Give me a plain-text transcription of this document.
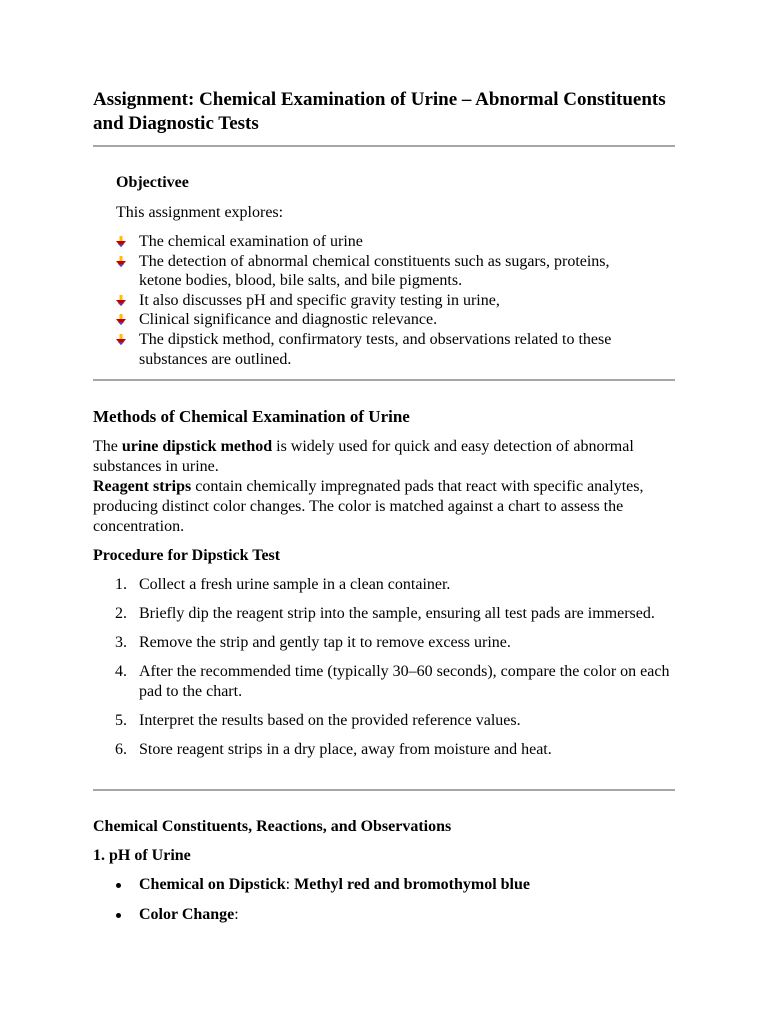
Assignment: Chemical Examination of Urine – Abnormal Constituents and Diagnostic Tests

Objectivee

This assignment explores:

The chemical examination of urine
The detection of abnormal chemical constituents such as sugars, proteins, ketone bodies, blood, bile salts, and bile pigments.
It also discusses pH and specific gravity testing in urine,
Clinical significance and diagnostic relevance.
The dipstick method, confirmatory tests, and observations related to these substances are outlined.

Methods of Chemical Examination of Urine

The urine dipstick method is widely used for quick and easy detection of abnormal substances in urine.

Reagent strips contain chemically impregnated pads that react with specific analytes, producing distinct color changes. The color is matched against a chart to assess the concentration.

Procedure for Dipstick Test

1. Collect a fresh urine sample in a clean container.
2. Briefly dip the reagent strip into the sample, ensuring all test pads are immersed.
3. Remove the strip and gently tap it to remove excess urine.
4. After the recommended time (typically 30–60 seconds), compare the color on each pad to the chart.
5. Interpret the results based on the provided reference values.
6. Store reagent strips in a dry place, away from moisture and heat.

Chemical Constituents, Reactions, and Observations

1. pH of Urine

Chemical on Dipstick: Methyl red and bromothymol blue
Color Change:
